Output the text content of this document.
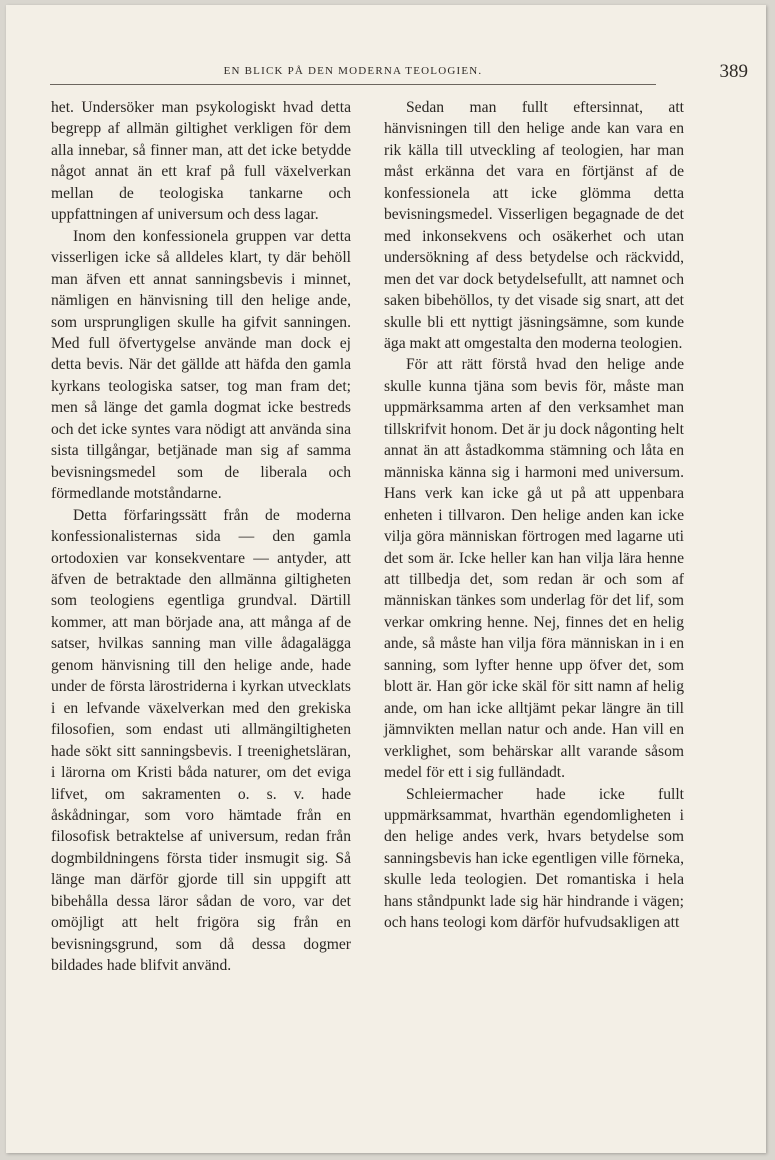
EN BLICK PÅ DEN MODERNA TEOLOGIEN.	389

het. Undersöker man psykologiskt hvad detta begrepp af allmän giltighet verkligen för dem alla innebar, så finner man, att det icke betydde något annat än ett kraf på full växelverkan mellan de teologiska tankarne och uppfattningen af universum och dess lagar.

Inom den konfessionela gruppen var detta visserligen icke så alldeles klart, ty där behöll man äfven ett annat sanningsbevis i minnet, nämligen en hänvisning till den helige ande, som ursprungligen skulle ha gifvit sanningen. Med full öfvertygelse använde man dock ej detta bevis. När det gällde att häfda den gamla kyrkans teologiska satser, tog man fram det; men så länge det gamla dogmat icke bestreds och det icke syntes vara nödigt att använda sina sista tillgångar, betjänade man sig af samma bevisningsmedel som de liberala och förmedlande motståndarne.

Detta förfaringssätt från de moderna konfessionalisternas sida — den gamla ortodoxien var konsekventare — antyder, att äfven de betraktade den allmänna giltigheten som teologiens egentliga grundval. Därtill kommer, att man började ana, att många af de satser, hvilkas sanning man ville ådagalägga genom hänvisning till den helige ande, hade under de första lärostriderna i kyrkan utvecklats i en lefvande växelverkan med den grekiska filosofien, som endast uti allmängiltigheten hade sökt sitt sanningsbevis. I treenighetsläran, i lärorna om Kristi båda naturer, om det eviga lifvet, om sakramenten o. s. v. hade åskådningar, som voro hämtade från en filosofisk betraktelse af universum, redan från dogmbildningens första tider insmugit sig. Så länge man därför gjorde till sin uppgift att bibehålla dessa läror sådan de voro, var det omöjligt att helt frigöra sig från en bevisningsgrund, som då dessa dogmer bildades hade blifvit använd.

Sedan man fullt eftersinnat, att hänvisningen till den helige ande kan vara en rik källa till utveckling af teologien, har man måst erkänna det vara en förtjänst af de konfessionela att icke glömma detta bevisningsmedel. Visserligen begagnade de det med inkonsekvens och osäkerhet och utan undersökning af dess betydelse och räckvidd, men det var dock betydelsefullt, att namnet och saken bibehöllos, ty det visade sig snart, att det skulle bli ett nyttigt jäsningsämne, som kunde äga makt att omgestalta den moderna teologien.

För att rätt förstå hvad den helige ande skulle kunna tjäna som bevis för, måste man uppmärksamma arten af den verksamhet man tillskrifvit honom. Det är ju dock någonting helt annat än att åstadkomma stämning och låta en människa känna sig i harmoni med universum. Hans verk kan icke gå ut på att uppenbara enheten i tillvaron. Den helige anden kan icke vilja göra människan förtrogen med lagarne uti det som är. Icke heller kan han vilja lära henne att tillbedja det, som redan är och som af människan tänkes som underlag för det lif, som verkar omkring henne. Nej, finnes det en helig ande, så måste han vilja föra människan in i en sanning, som lyfter henne upp öfver det, som blott är. Han gör icke skäl för sitt namn af helig ande, om han icke alltjämt pekar längre än till jämnvikten mellan natur och ande. Han vill en verklighet, som behärskar allt varande såsom medel för ett i sig fulländadt.

Schleiermacher hade icke fullt uppmärksammat, hvarthän egendomligheten i den helige andes verk, hvars betydelse som sanningsbevis han icke egentligen ville förneka, skulle leda teologien. Det romantiska i hela hans ståndpunkt lade sig här hindrande i vägen; och hans teologi kom därför hufvudsakligen att
